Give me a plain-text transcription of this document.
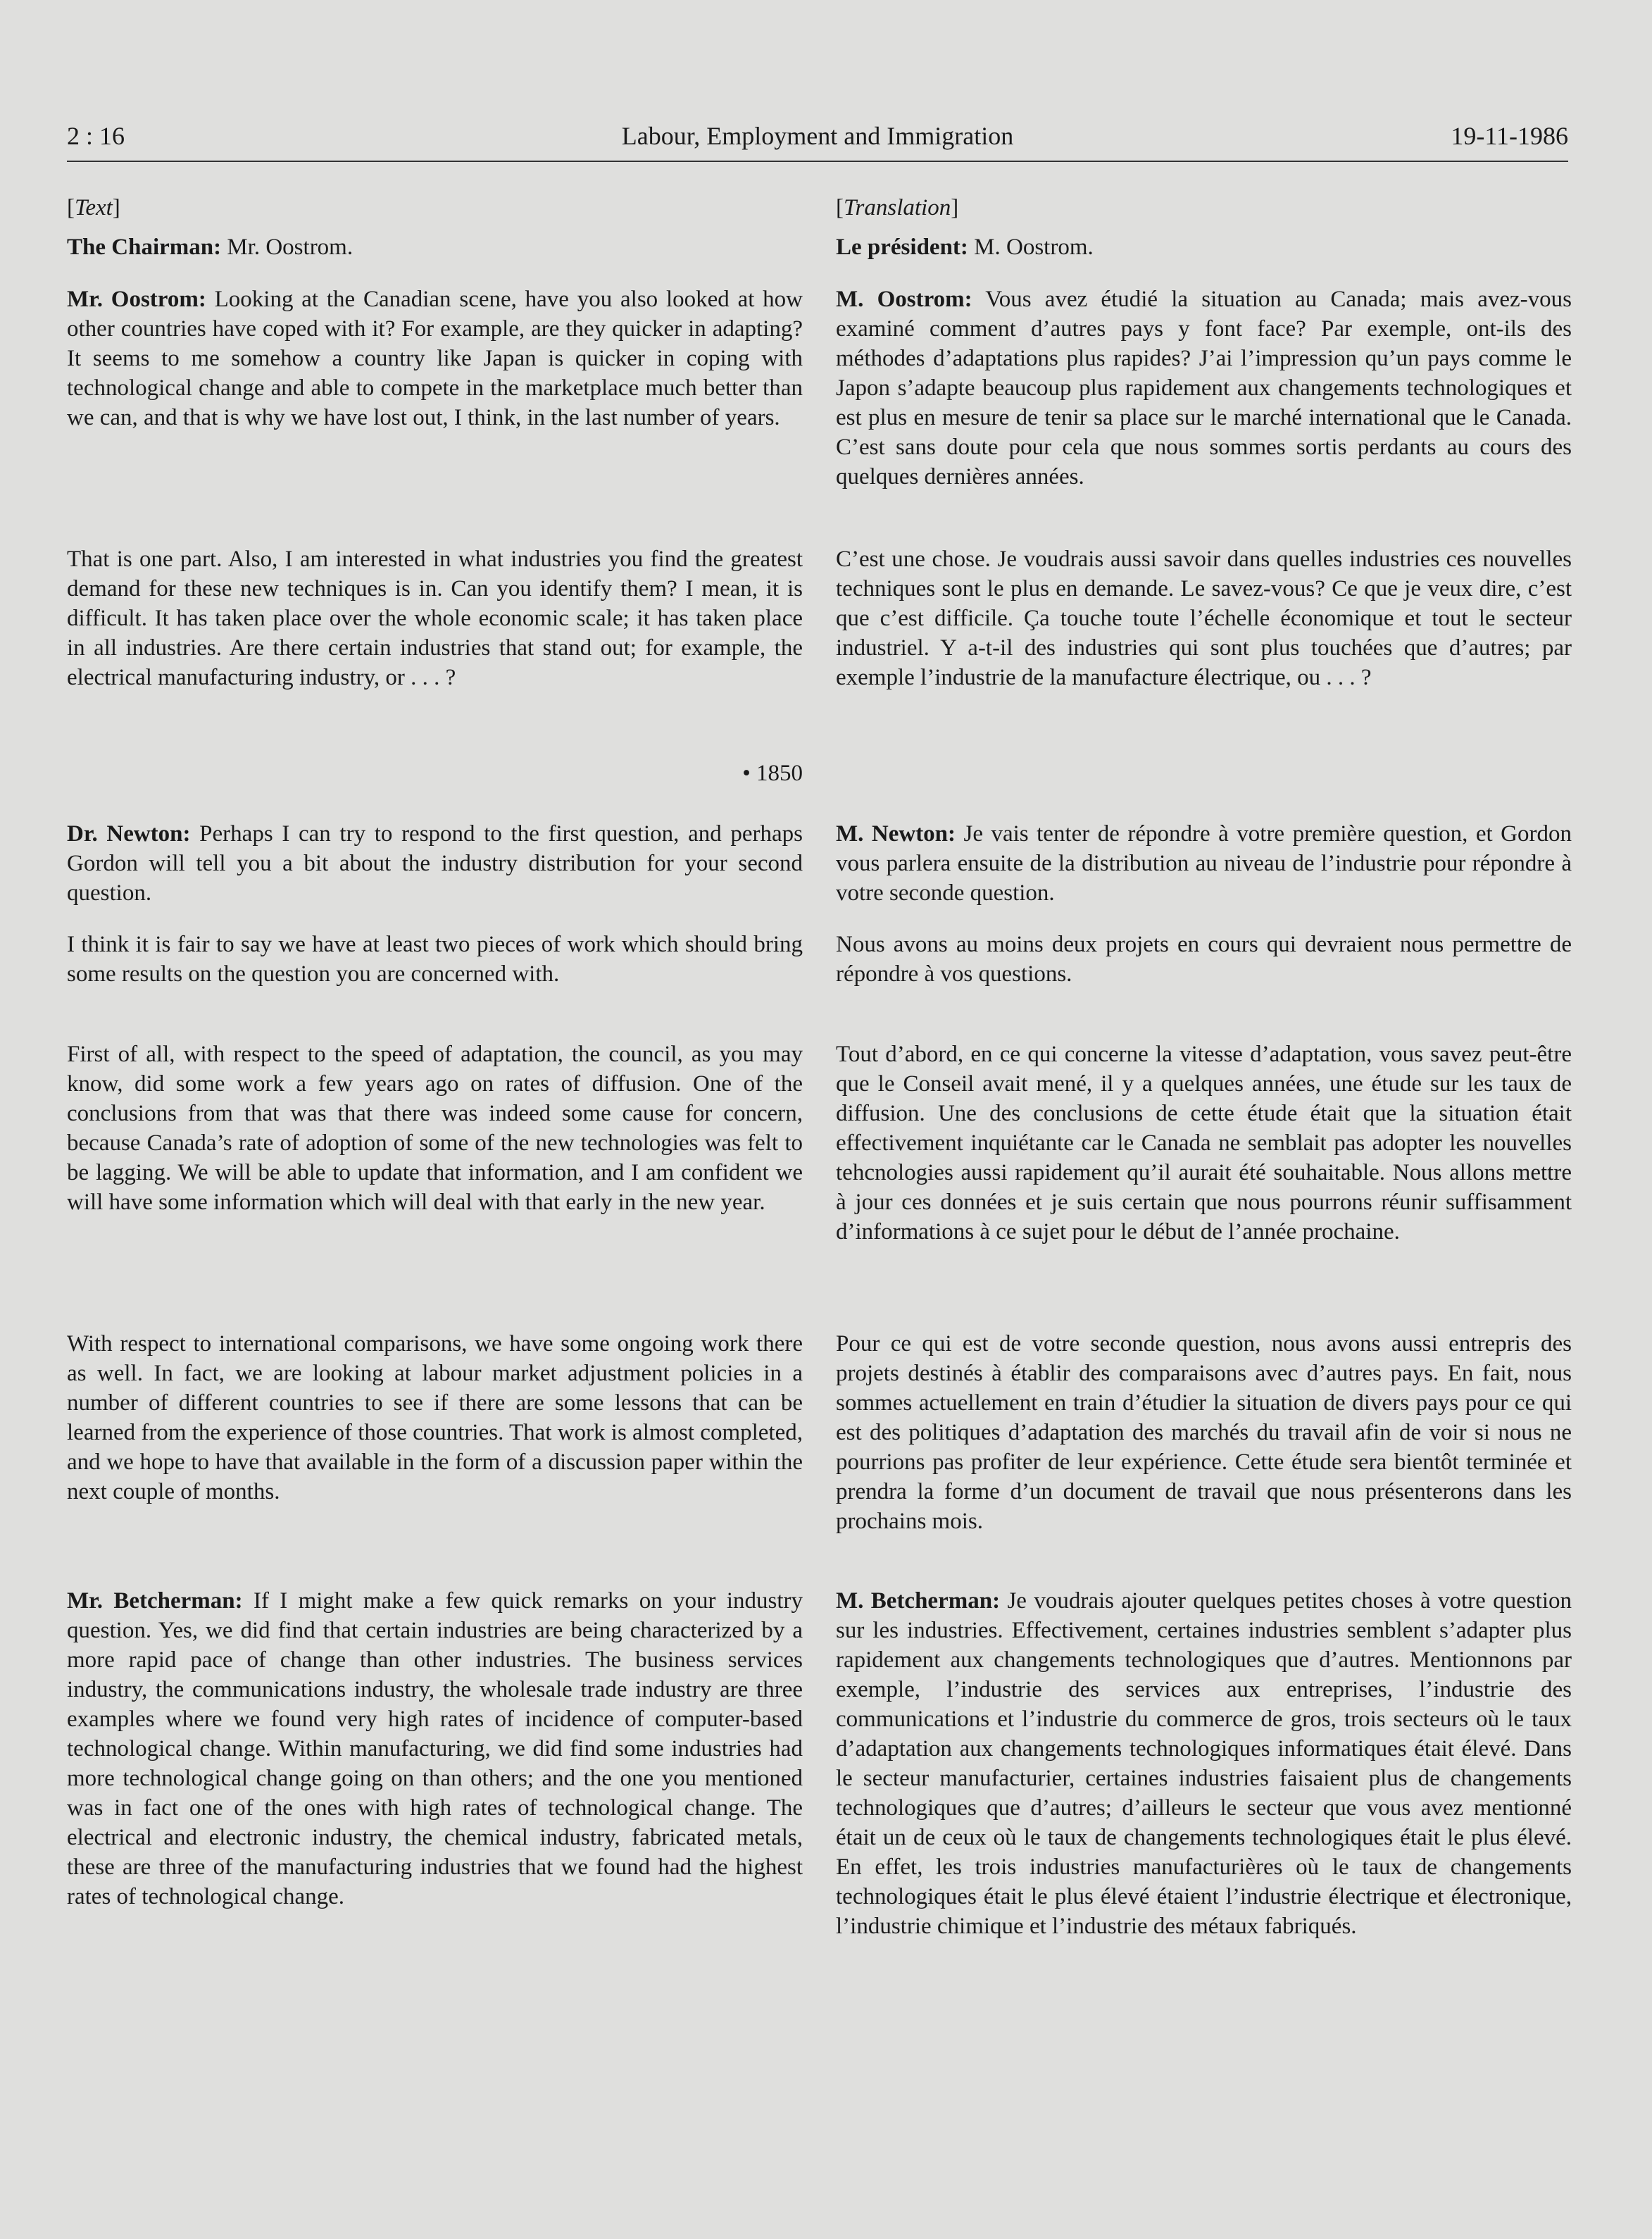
2 : 16	Labour, Employment and Immigration	19-11-1986
[Text]

The Chairman: Mr. Oostrom.

Mr. Oostrom: Looking at the Canadian scene, have you also looked at how other countries have coped with it? For example, are they quicker in adapting? It seems to me somehow a country like Japan is quicker in coping with technological change and able to compete in the marketplace much better than we can, and that is why we have lost out, I think, in the last number of years.

That is one part. Also, I am interested in what industries you find the greatest demand for these new techniques is in. Can you identify them? I mean, it is difficult. It has taken place over the whole economic scale; it has taken place in all industries. Are there certain industries that stand out; for example, the electrical manufacturing industry, or . . . ?

• 1850

Dr. Newton: Perhaps I can try to respond to the first question, and perhaps Gordon will tell you a bit about the industry distribution for your second question.

I think it is fair to say we have at least two pieces of work which should bring some results on the question you are concerned with.

First of all, with respect to the speed of adaptation, the council, as you may know, did some work a few years ago on rates of diffusion. One of the conclusions from that was that there was indeed some cause for concern, because Canada’s rate of adoption of some of the new technologies was felt to be lagging. We will be able to update that information, and I am confident we will have some information which will deal with that early in the new year.

With respect to international comparisons, we have some ongoing work there as well. In fact, we are looking at labour market adjustment policies in a number of different countries to see if there are some lessons that can be learned from the experience of those countries. That work is almost completed, and we hope to have that available in the form of a discussion paper within the next couple of months.

Mr. Betcherman: If I might make a few quick remarks on your industry question. Yes, we did find that certain industries are being characterized by a more rapid pace of change than other industries. The business services industry, the communications industry, the wholesale trade industry are three examples where we found very high rates of incidence of computer-based technological change. Within manufacturing, we did find some industries had more technological change going on than others; and the one you mentioned was in fact one of the ones with high rates of technological change. The electrical and electronic industry, the chemical industry, fabricated metals, these are three of the manufacturing industries that we found had the highest rates of technological change.

[Translation]

Le président: M. Oostrom.

M. Oostrom: Vous avez étudié la situation au Canada; mais avez-vous examiné comment d’autres pays y font face? Par exemple, ont-ils des méthodes d’adaptations plus rapides? J’ai l’impression qu’un pays comme le Japon s’adapte beaucoup plus rapidement aux changements technologiques et est plus en mesure de tenir sa place sur le marché international que le Canada. C’est sans doute pour cela que nous sommes sortis perdants au cours des quelques dernières années.

C’est une chose. Je voudrais aussi savoir dans quelles industries ces nouvelles techniques sont le plus en demande. Le savez-vous? Ce que je veux dire, c’est que c’est difficile. Ça touche toute l’échelle économique et tout le secteur industriel. Y a-t-il des industries qui sont plus touchées que d’autres; par exemple l’industrie de la manufacture électrique, ou . . . ?

M. Newton: Je vais tenter de répondre à votre première question, et Gordon vous parlera ensuite de la distribution au niveau de l’industrie pour répondre à votre seconde question.

Nous avons au moins deux projets en cours qui devraient nous permettre de répondre à vos questions.

Tout d’abord, en ce qui concerne la vitesse d’adaptation, vous savez peut-être que le Conseil avait mené, il y a quelques années, une étude sur les taux de diffusion. Une des conclusions de cette étude était que la situation était effectivement inquiétante car le Canada ne semblait pas adopter les nouvelles tehcnologies aussi rapidement qu’il aurait été souhaitable. Nous allons mettre à jour ces données et je suis certain que nous pourrons réunir suffisamment d’informations à ce sujet pour le début de l’année prochaine.

Pour ce qui est de votre seconde question, nous avons aussi entrepris des projets destinés à établir des comparaisons avec d’autres pays. En fait, nous sommes actuellement en train d’étudier la situation de divers pays pour ce qui est des politiques d’adaptation des marchés du travail afin de voir si nous ne pourrions pas profiter de leur expérience. Cette étude sera bientôt terminée et prendra la forme d’un document de travail que nous présenterons dans les prochains mois.

M. Betcherman: Je voudrais ajouter quelques petites choses à votre question sur les industries. Effectivement, certaines industries semblent s’adapter plus rapidement aux changements technologiques que d’autres. Mentionnons par exemple, l’industrie des services aux entreprises, l’industrie des communications et l’industrie du commerce de gros, trois secteurs où le taux d’adaptation aux changements technologiques informatiques était élevé. Dans le secteur manufacturier, certaines industries faisaient plus de changements technologiques que d’autres; d’ailleurs le secteur que vous avez mentionné était un de ceux où le taux de changements technologiques était le plus élevé. En effet, les trois industries manufacturières où le taux de changements technologiques était le plus élevé étaient l’industrie électrique et électronique, l’industrie chimique et l’industrie des métaux fabriqués.
